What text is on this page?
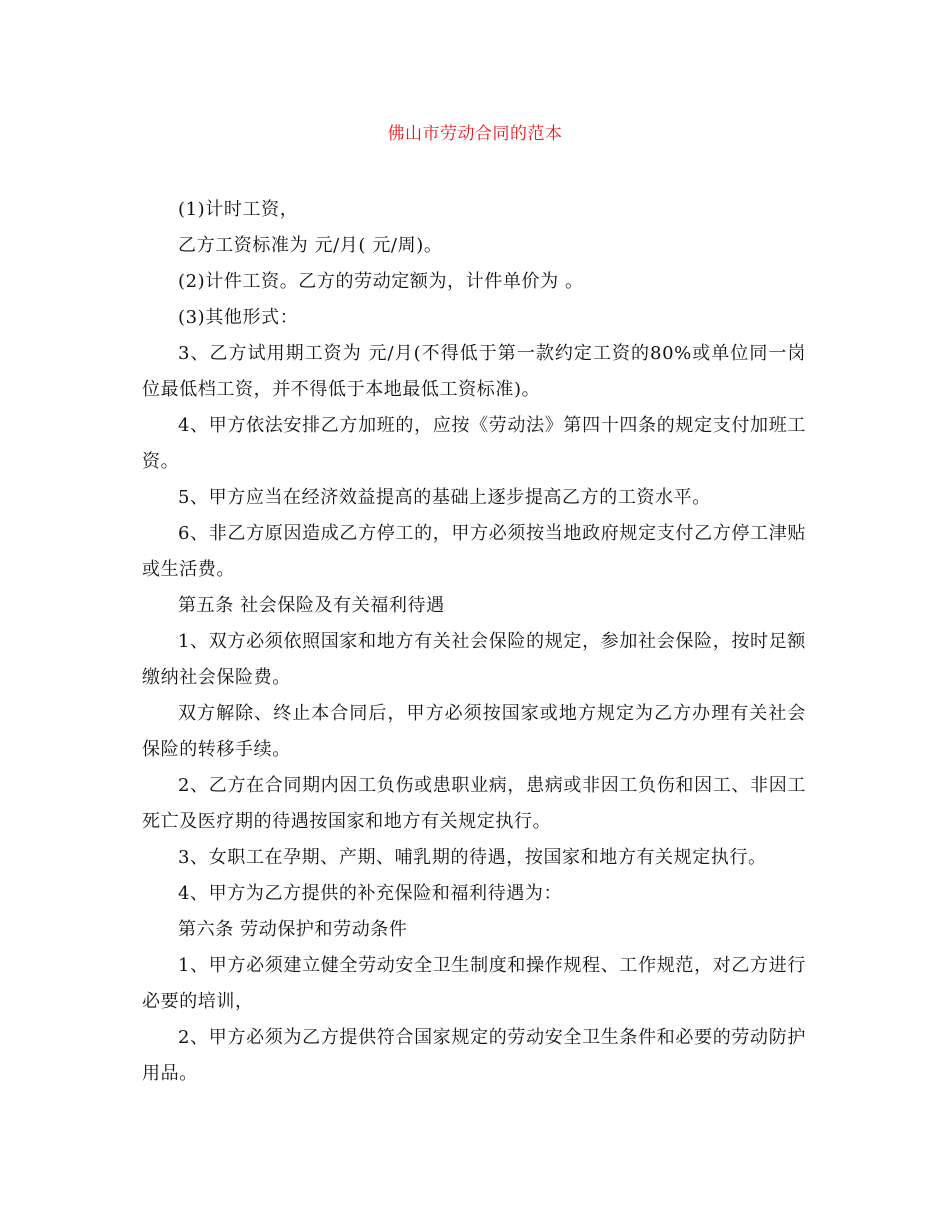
佛山市劳动合同的范本

(1)计时工资，

乙方工资标准为 元/月( 元/周)。

(2)计件工资。乙方的劳动定额为，计件单价为 。

(3)其他形式：

3、乙方试用期工资为 元/月(不得低于第一款约定工资的80%或单位同一岗位最低档工资，并不得低于本地最低工资标准)。

4、甲方依法安排乙方加班的，应按《劳动法》第四十四条的规定支付加班工资。

5、甲方应当在经济效益提高的基础上逐步提高乙方的工资水平。

6、非乙方原因造成乙方停工的，甲方必须按当地政府规定支付乙方停工津贴或生活费。

第五条 社会保险及有关福利待遇

1、双方必须依照国家和地方有关社会保险的规定，参加社会保险，按时足额缴纳社会保险费。

双方解除、终止本合同后，甲方必须按国家或地方规定为乙方办理有关社会保险的转移手续。

2、乙方在合同期内因工负伤或患职业病，患病或非因工负伤和因工、非因工死亡及医疗期的待遇按国家和地方有关规定执行。

3、女职工在孕期、产期、哺乳期的待遇，按国家和地方有关规定执行。

4、甲方为乙方提供的补充保险和福利待遇为：

第六条 劳动保护和劳动条件

1、甲方必须建立健全劳动安全卫生制度和操作规程、工作规范，对乙方进行必要的培训，

2、甲方必须为乙方提供符合国家规定的劳动安全卫生条件和必要的劳动防护用品。
